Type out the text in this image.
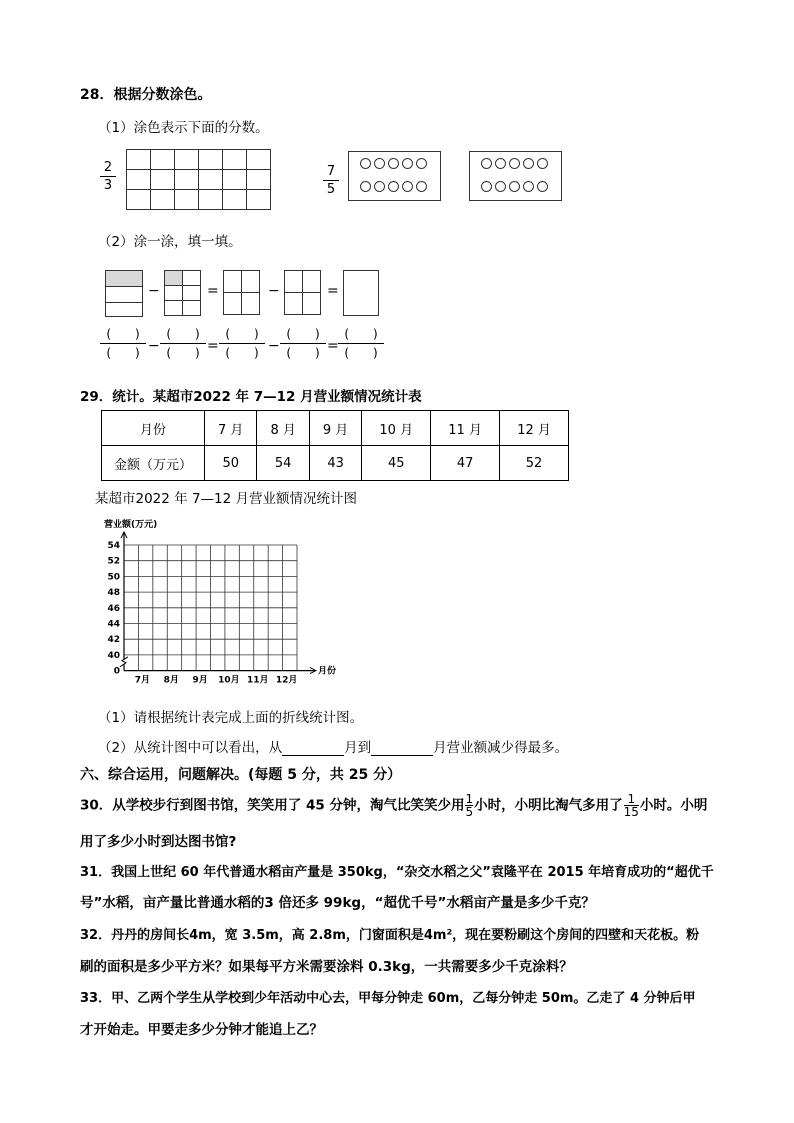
28．根据分数涂色。
（1）涂色表示下面的分数。
2
3

7
5
（2）涂一涂，填一填。
−

		=

		−

		=
(　　)
(　　) −
(　　)
(　　) =
(　　)
(　　) −
(　　)
(　　) =
(　　)
(　　)
29．统计。某超市2022 年 7—12 月营业额情况统计表
月份	7 月	8 月	9 月	10 月	11 月	12 月
金额（万元）	50	54	43	45	47	52
某超市2022 年 7—12 月营业额情况统计图
54
52
50
48
46
44
42
40
0
营业额(万元)
7月 8月 9月 10月 11月 12月
月份
（1）请根据统计表完成上面的折线统计图。
（2）从统计图中可以看出，从	月到	月营业额减少得最多。
六、综合运用，问题解决。(每题 5 分，共 25 分）
30．从学校步行到图书馆，笑笑用了 45 分钟，淘气比笑笑少用 $\frac{1}{5}$ 小时，小明比淘气多用了 $\frac{1}{15}$ 小时。小明
用了多少小时到达图书馆?
31．我国上世纪 60 年代普通水稻亩产量是 350kg，“杂交水稻之父”袁隆平在 2015 年培育成功的“超优千
号”水稻，亩产量比普通水稻的3 倍还多 99kg，“超优千号”水稻亩产量是多少千克？
32．丹丹的房间长4m，宽 3.5m，高 2.8m，门窗面积是4m²，现在要粉刷这个房间的四壁和天花板。粉
刷的面积是多少平方米？如果每平方米需要涂料 0.3kg，一共需要多少千克涂料？
33．甲、乙两个学生从学校到少年活动中心去，甲每分钟走 60m，乙每分钟走 50m。乙走了 4 分钟后甲
才开始走。甲要走多少分钟才能追上乙？
